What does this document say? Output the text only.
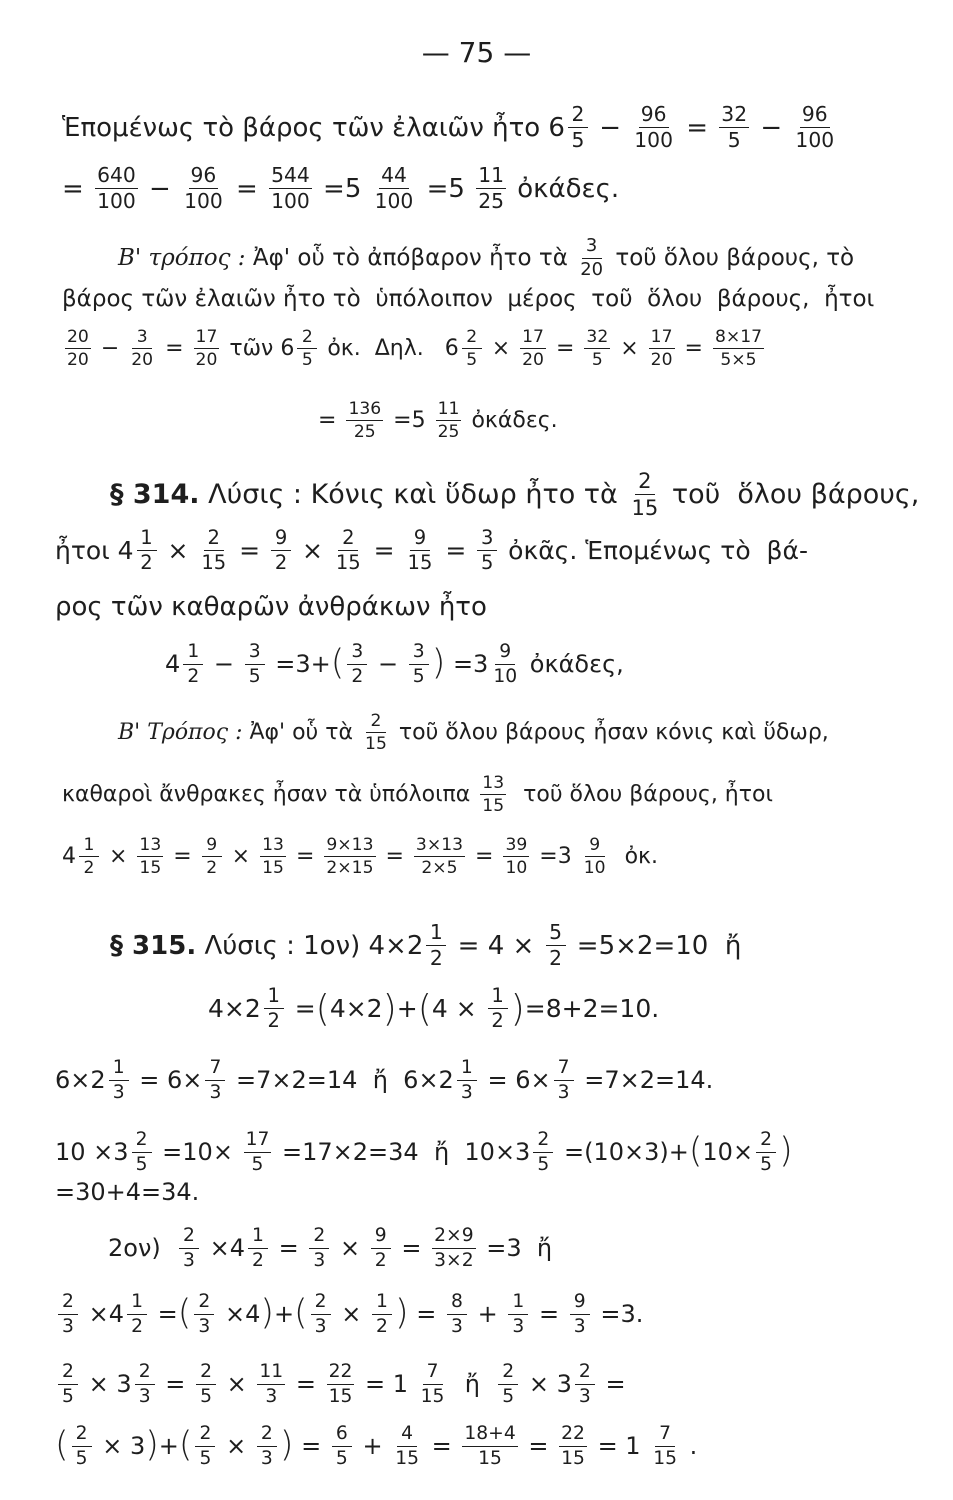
— 75 —
Ἑπομένως τὸ βάρος τῶν ἐλαιῶν ἦτο $6 \frac{2}{5} - \frac{96}{100} = \frac{32}{5} - \frac{96}{100}$
= $\frac{640}{100} - \frac{96}{100} = \frac{544}{100} =5 \frac{44}{100} =5 \frac{11}{25}$ ὀκάδες.
Β' τρόπος : Ἀφ' οὗ τὸ ἀπόβαρον ἦτο τὰ $\frac{3}{20}$ τοῦ ὅλου βάρους, τὸ
βάρος τῶν ἐλαιῶν ἦτο τὸ  ὑπόλοιπον  μέρος  τοῦ  ὅλου  βάρους,  ἦτοι
$\frac{20}{20} - \frac{3}{20} = \frac{17}{20}$ τῶν $6 \frac{2}{5}$ ὀκ.  Δηλ.   $6 \frac{2}{5} \times \frac{17}{20} = \frac{32}{5} \times \frac{17}{20} = \frac{8\times 17}{5\times 5}$
= $\frac{136}{25} =5 \frac{11}{25}$ ὀκάδες.
§ 314. Λύσις : Κόνις καὶ ὕδωρ ἦτο τὰ $\frac{2}{15}$ τοῦ  ὅλου βάρους,
ἦτοι $4 \frac{1}{2} \times \frac{2}{15} = \frac{9}{2} \times \frac{2}{15} = \frac{9}{15} = \frac{3}{5}$ ὀκᾶς. Ἑπομένως τὸ  βά-
ρος τῶν καθαρῶν ἀνθράκων ἦτο
$4 \frac{1}{2} - \frac{3}{5} =3+$ ( $\frac{3}{2} - \frac{3}{5}$ ) $=3 \frac{9}{10}$ ὀκάδες,
Β' Τρόπος : Ἀφ' οὗ τὰ $\frac{2}{15}$ τοῦ ὅλου βάρους ἦσαν κόνις καὶ ὕδωρ,
καθαροὶ ἄνθρακες ἦσαν τὰ ὑπόλοιπα $\frac{13}{15}$ τοῦ ὅλου βάρους, ἦτοι
$4 \frac{1}{2} \times \frac{13}{15} = \frac{9}{2} \times \frac{13}{15} = \frac{9\times 13}{2\times 15} = \frac{3\times 13}{2\times 5} = \frac{39}{10} =3 \frac{9}{10}$ ὀκ.
§ 315. Λύσις : 1ον) $4\times 2 \frac{1}{2} = 4 \times \frac{5}{2} =5\times 2=10$  ἤ
$4\times 2 \frac{1}{2}$ = ( 4×2 ) + ( $4 \times \frac{1}{2}$ ) =8+2=10.
$6\times 2 \frac{1}{3} = 6\times \frac{7}{3} =7\times 2=14$  ἤ  $6\times 2 \frac{1}{3} = 6\times \frac{7}{3} =7\times 2=14$.
$10 \times 3 \frac{2}{5} =10\times \frac{17}{5} =17\times 2=34$  ἤ  $10\times 3 \frac{2}{5} =(10\times 3)+$ ( $10\times \frac{2}{5}$ )
=30+4=34.
$2o\nu) \frac{2}{3} \times 4 \frac{1}{2} = \frac{2}{3} \times \frac{9}{2} = \frac{2\times 9}{3\times 2} =3$  ἤ
$\frac{2}{3} \times 4 \frac{1}{2}$ = ( $\frac{2}{3} \times 4$ ) + ( $\frac{2}{3} \times \frac{1}{2}$ ) = $\frac{8}{3} + \frac{1}{3} = \frac{9}{3} =3$.
$\frac{2}{5} \times 3 \frac{2}{3} = \frac{2}{5} \times \frac{11}{3} = \frac{22}{15} = 1 \frac{7}{15}$ ἤ $\frac{2}{5} \times 3 \frac{2}{3}$ =
( $\frac{2}{5} \times 3$ ) + ( $\frac{2}{5} \times \frac{2}{3}$ ) = $\frac{6}{5} + \frac{4}{15} = \frac{18+4}{15} = \frac{22}{15} = 1 \frac{7}{15}$ .
